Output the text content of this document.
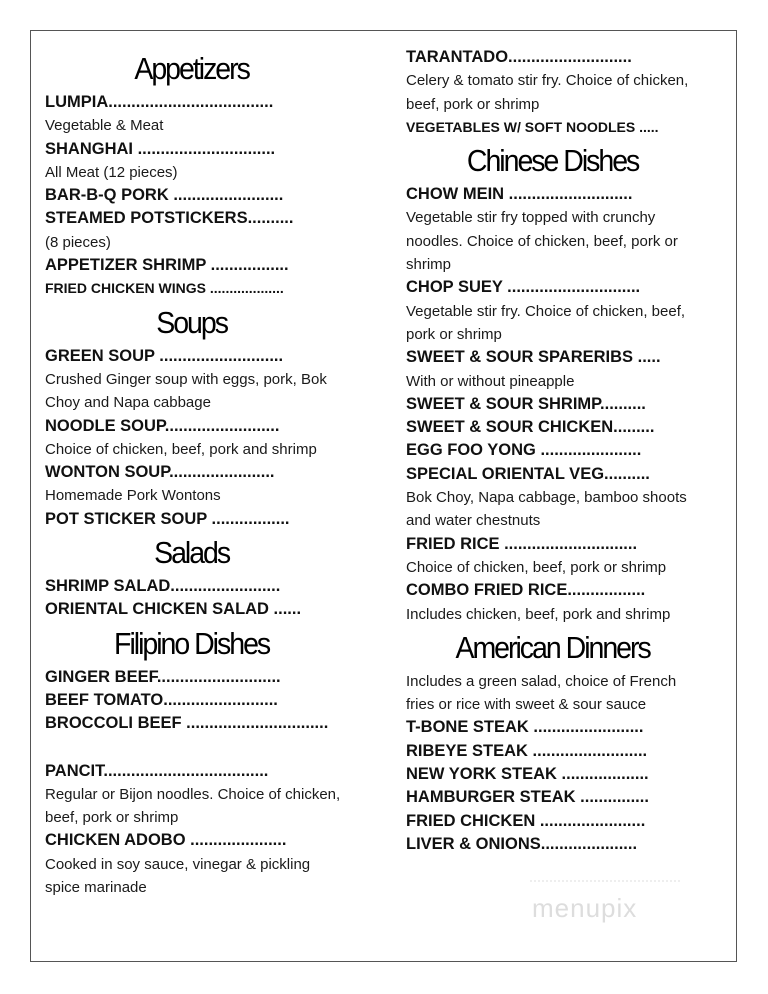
Appetizers
LUMPIA....................................
Vegetable & Meat
SHANGHAI ..............................
All Meat (12 pieces)
BAR-B-Q PORK ........................
STEAMED POTSTICKERS..........
(8 pieces)
APPETIZER SHRIMP .................
FRIED CHICKEN WINGS ...................
Soups
GREEN SOUP ...........................
Crushed Ginger soup with eggs, pork, Bok
Choy and Napa cabbage
NOODLE SOUP.........................
Choice of chicken, beef, pork and shrimp
WONTON SOUP.......................
Homemade Pork Wontons
POT STICKER SOUP .................
Salads
SHRIMP SALAD........................
ORIENTAL CHICKEN SALAD ......
Filipino Dishes
GINGER BEEF...........................
BEEF TOMATO.........................
BROCCOLI BEEF ...............................
PANCIT....................................
Regular or Bijon noodles. Choice of chicken,
beef, pork or shrimp
CHICKEN ADOBO .....................
Cooked in soy sauce, vinegar & pickling
spice marinade
TARANTADO...........................
Celery & tomato stir fry. Choice of chicken,
beef, pork or shrimp
VEGETABLES W/ SOFT NOODLES .....
Chinese Dishes
CHOW MEIN ...........................
Vegetable stir fry topped with crunchy
noodles. Choice of chicken, beef, pork or
shrimp
CHOP SUEY .............................
Vegetable stir fry. Choice of chicken, beef,
pork or shrimp
SWEET & SOUR SPARERIBS .....
With or without pineapple
SWEET & SOUR SHRIMP..........
SWEET & SOUR CHICKEN.........
EGG FOO YONG ......................
SPECIAL ORIENTAL VEG..........
Bok Choy, Napa cabbage, bamboo shoots
and water chestnuts
FRIED RICE .............................
Choice of chicken, beef, pork or shrimp
COMBO FRIED RICE.................
Includes chicken, beef, pork and shrimp
American Dinners
Includes a green salad, choice of French
fries or rice with sweet & sour sauce
T-BONE STEAK ........................
RIBEYE STEAK .........................
NEW YORK STEAK ...................
HAMBURGER STEAK ...............
FRIED CHICKEN .......................
LIVER & ONIONS.....................
menupix
